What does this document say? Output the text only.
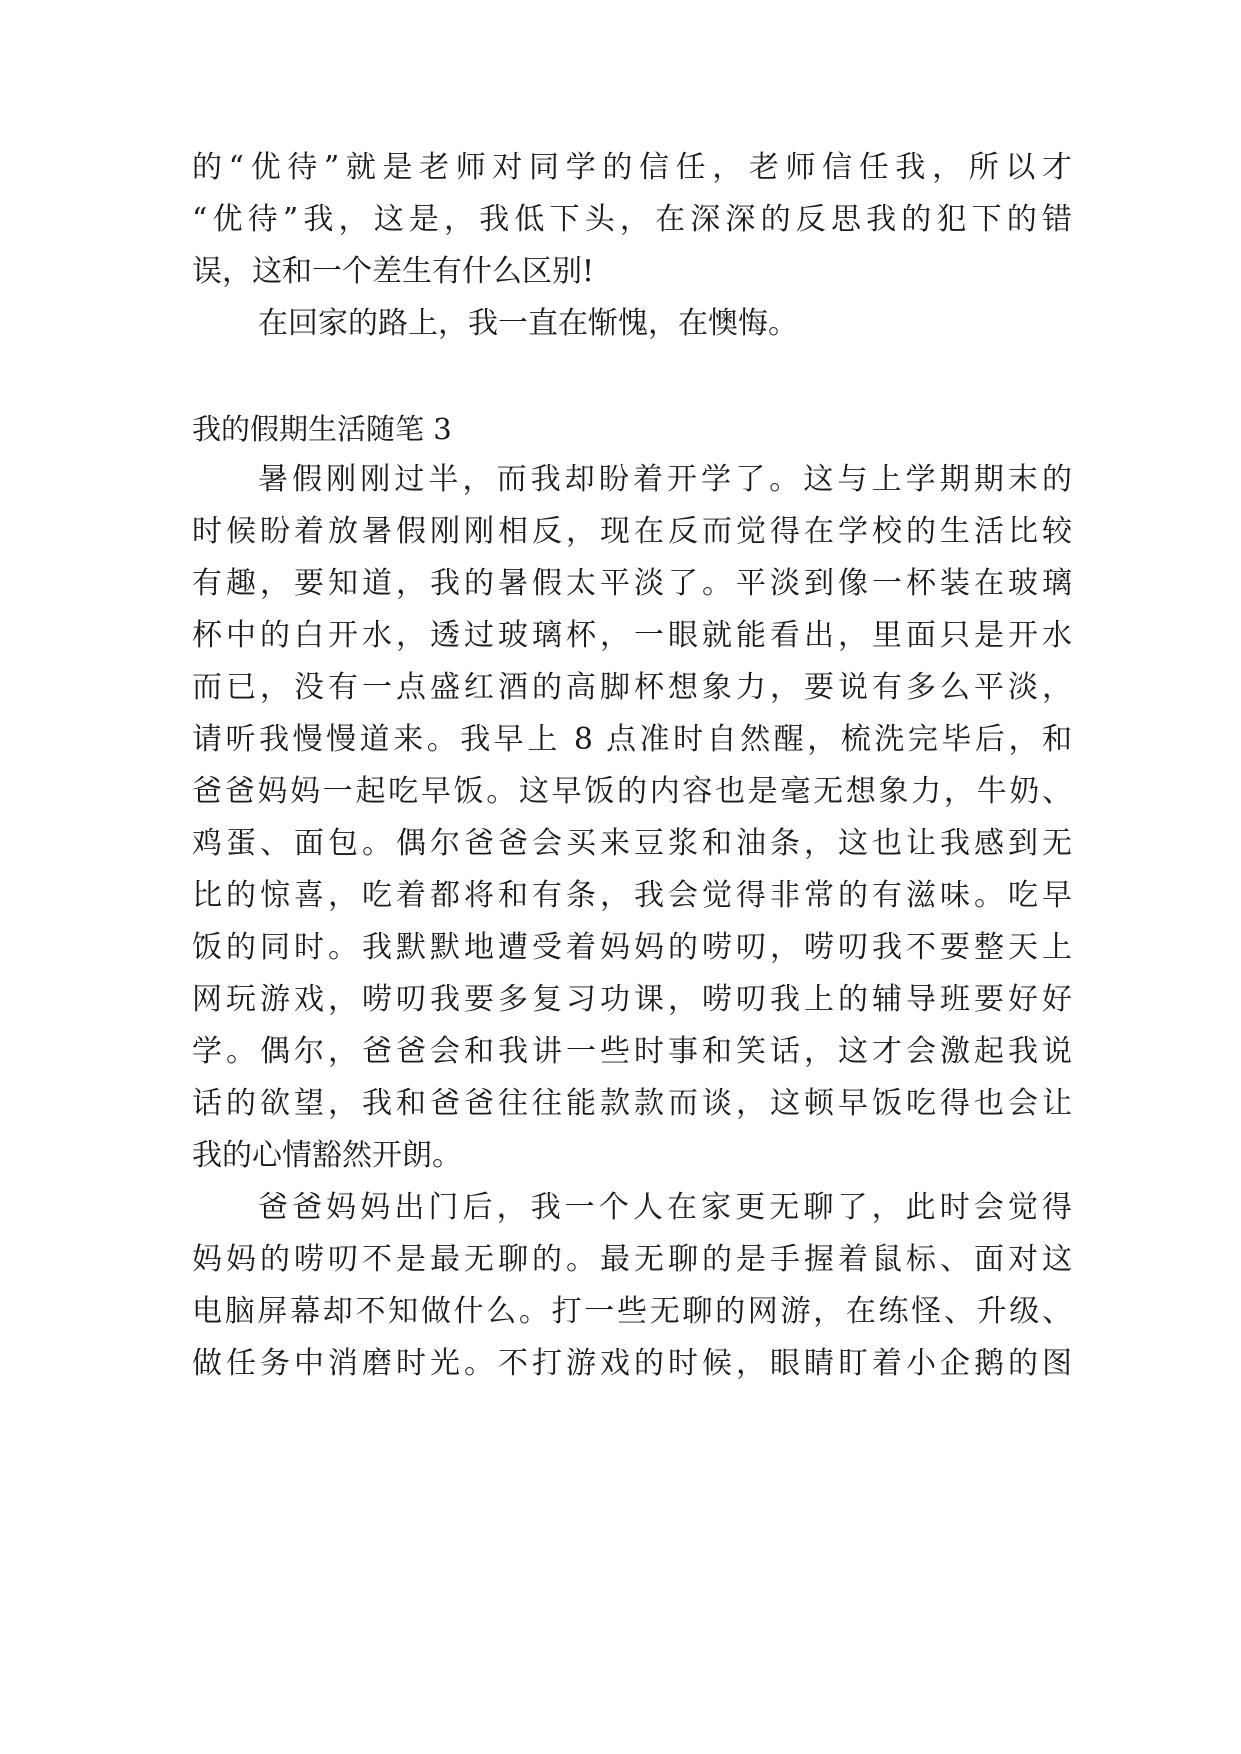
的“优待”就是老师对同学的信任，老师信任我，所以才

“优待”我，这是，我低下头，在深深的反思我的犯下的错

误，这和一个差生有什么区别!

在回家的路上，我一直在惭愧，在懊悔。

我的假期生活随笔 3

暑假刚刚过半，而我却盼着开学了。这与上学期期末的

时候盼着放暑假刚刚相反，现在反而觉得在学校的生活比较

有趣，要知道，我的暑假太平淡了。平淡到像一杯装在玻璃

杯中的白开水，透过玻璃杯，一眼就能看出，里面只是开水

而已，没有一点盛红酒的高脚杯想象力，要说有多么平淡，

请听我慢慢道来。我早上 8 点准时自然醒，梳洗完毕后，和

爸爸妈妈一起吃早饭。这早饭的内容也是毫无想象力，牛奶、

鸡蛋、面包。偶尔爸爸会买来豆浆和油条，这也让我感到无

比的惊喜，吃着都将和有条，我会觉得非常的有滋味。吃早

饭的同时。我默默地遭受着妈妈的唠叨，唠叨我不要整天上

网玩游戏，唠叨我要多复习功课，唠叨我上的辅导班要好好

学。偶尔，爸爸会和我讲一些时事和笑话，这才会激起我说

话的欲望，我和爸爸往往能款款而谈，这顿早饭吃得也会让

我的心情豁然开朗。

爸爸妈妈出门后，我一个人在家更无聊了，此时会觉得

妈妈的唠叨不是最无聊的。最无聊的是手握着鼠标、面对这

电脑屏幕却不知做什么。打一些无聊的网游，在练怪、升级、

做任务中消磨时光。不打游戏的时候，眼睛盯着小企鹅的图
